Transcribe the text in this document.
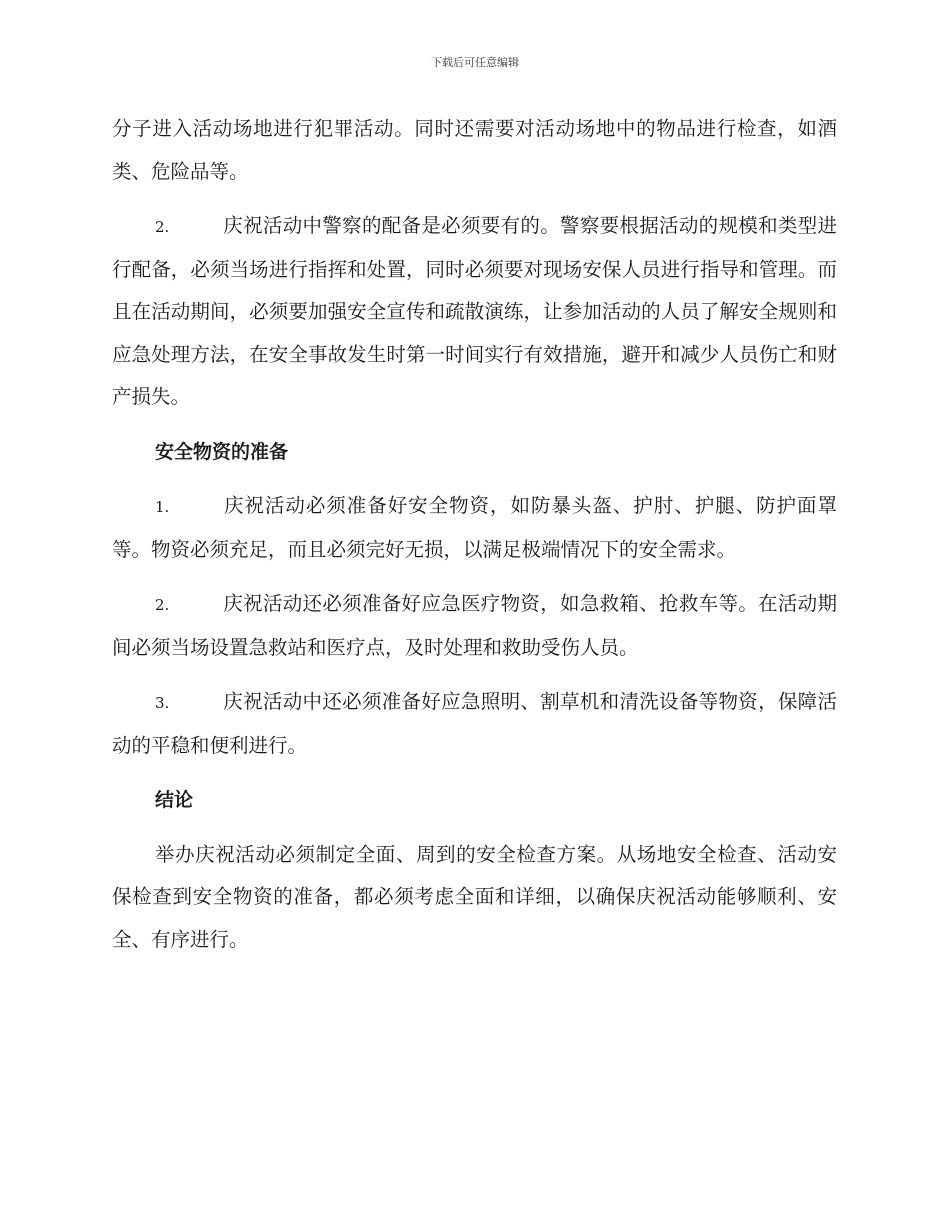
下载后可任意编辑

分子进入活动场地进行犯罪活动。同时还需要对活动场地中的物品进行检查，如酒类、危险品等。

2.	庆祝活动中警察的配备是必须要有的。警察要根据活动的规模和类型进行配备，必须当场进行指挥和处置，同时必须要对现场安保人员进行指导和管理。而且在活动期间，必须要加强安全宣传和疏散演练，让参加活动的人员了解安全规则和应急处理方法，在安全事故发生时第一时间实行有效措施，避开和减少人员伤亡和财产损失。

安全物资的准备

1.	庆祝活动必须准备好安全物资，如防暴头盔、护肘、护腿、防护面罩等。物资必须充足，而且必须完好无损，以满足极端情况下的安全需求。

2.	庆祝活动还必须准备好应急医疗物资，如急救箱、抢救车等。在活动期间必须当场设置急救站和医疗点，及时处理和救助受伤人员。

3.	庆祝活动中还必须准备好应急照明、割草机和清洗设备等物资，保障活动的平稳和便利进行。

结论

举办庆祝活动必须制定全面、周到的安全检查方案。从场地安全检查、活动安保检查到安全物资的准备，都必须考虑全面和详细，以确保庆祝活动能够顺利、安全、有序进行。
